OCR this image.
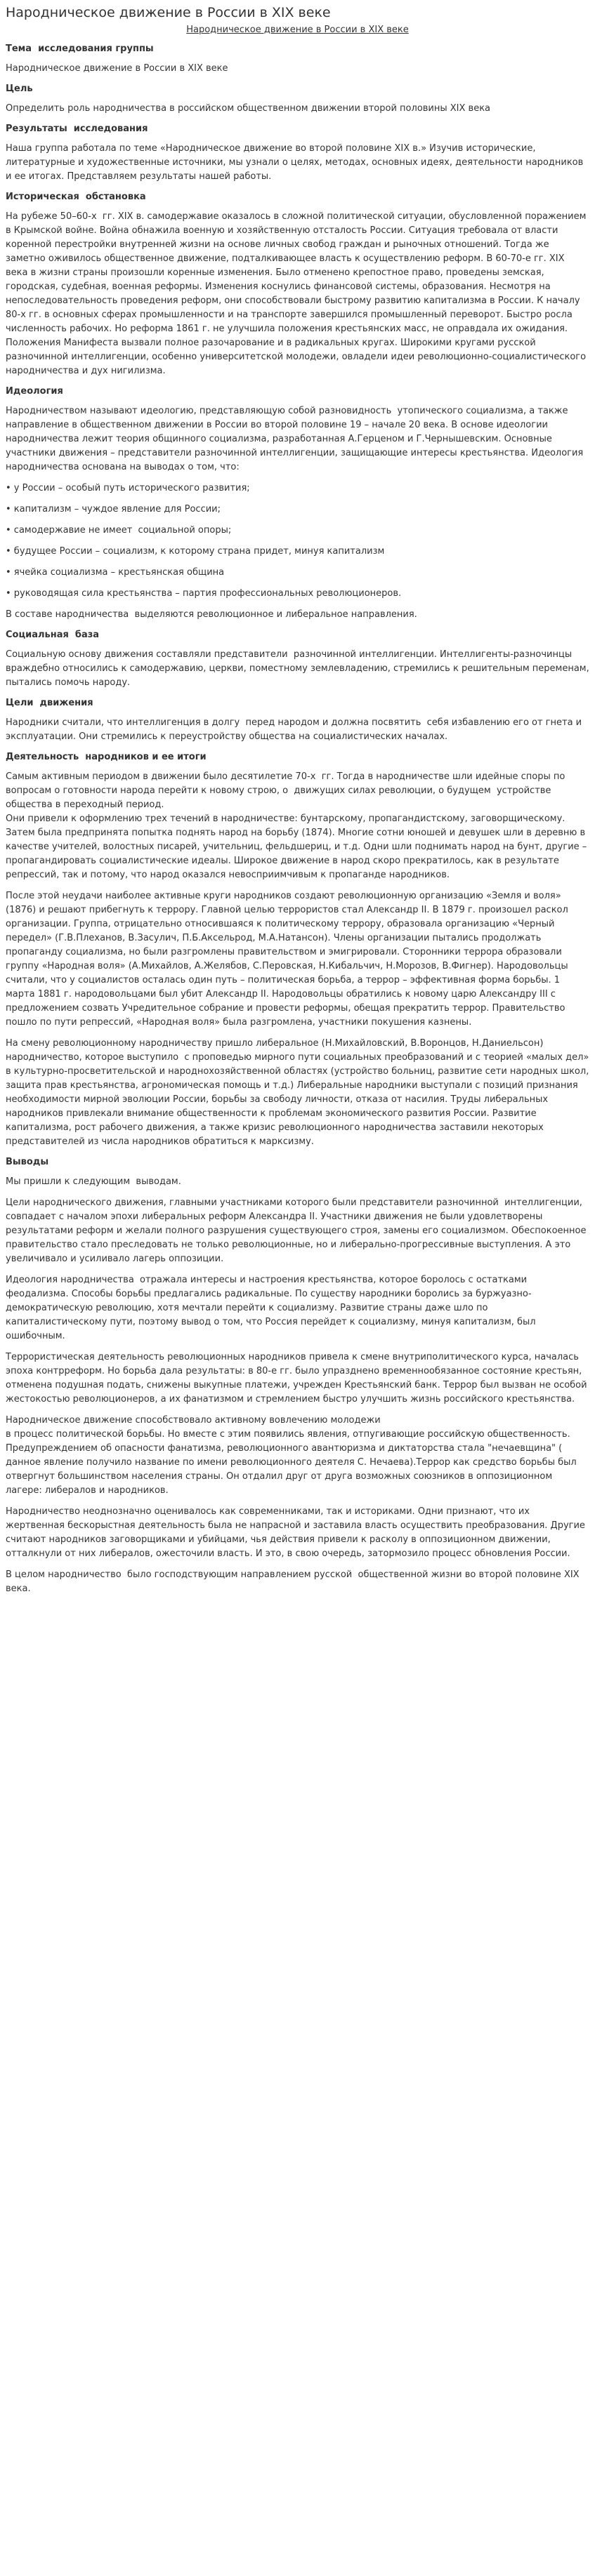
Народническое движение в России в XIX веке
Народническое движение в России в XIX веке
Тема  исследования группы

Народническое движение в России в XIX веке

Цель

Определить роль народничества в российском общественном движении второй половины XIX века

Результаты  исследования

Наша группа работала по теме «Народническое движение во второй половине XIX в.» Изучив исторические, литературные и художественные источники, мы узнали о целях, методах, основных идеях, деятельности народников и ее итогах. Представляем результаты нашей работы.

Историческая  обстановка

На рубеже 50–60-х  гг. XIX в. самодержавие оказалось в сложной политической ситуации, обусловленной поражением в Крымской войне. Война обнажила военную и хозяйственную отсталость России. Ситуация требовала от власти коренной перестройки внутренней жизни на основе личных свобод граждан и рыночных отношений. Тогда же заметно оживилось общественное движение, подталкивающее власть к осуществлению реформ. В 60-70-е гг. XIX века в жизни страны произошли коренные изменения. Было отменено крепостное право, проведены земская, городская, судебная, военная реформы. Изменения коснулись финансовой системы, образования. Несмотря на непоследовательность проведения реформ, они способствовали быстрому развитию капитализма в России. К началу 80-х гг. в основных сферах промышленности и на транспорте завершился промышленный переворот. Быстро росла численность рабочих. Но реформа 1861 г. не улучшила положения крестьянских масс, не оправдала их ожидания. Положения Манифеста вызвали полное разочарование и в радикальных кругах. Широкими кругами русской разночинной интеллигенции, особенно университетской молодежи, овладели идеи революционно-социалистического народничества и дух нигилизма.

Идеология

Народничеством называют идеологию, представляющую собой разновидность  утопического социализма, а также направление в общественном движении в России во второй половине 19 – начале 20 века. В основе идеологии народничества лежит теория общинного социализма, разработанная А.Герценом и Г.Чернышевским. Основные участники движения – представители разночинной интеллигенции, защищающие интересы крестьянства. Идеология народничества основана на выводах о том, что:

• у России – особый путь исторического развития;

• капитализм – чуждое явление для России;

• самодержавие не имеет  социальной опоры;

• будущее России – социализм, к которому страна придет, минуя капитализм

• ячейка социализма – крестьянская община

• руководящая сила крестьянства – партия профессиональных революционеров.

В составе народничества  выделяются революционное и либеральное направления.

Социальная  база

Социальную основу движения составляли представители  разночинной интеллигенции. Интеллигенты-разночинцы враждебно относились к самодержавию, церкви, поместному землевладению, стремились к решительным переменам, пытались помочь народу.

Цели  движения

Народники считали, что интеллигенция в долгу  перед народом и должна посвятить  себя избавлению его от гнета и  эксплуатации. Они стремились к переустройству общества на социалистических началах.

Деятельность  народников и ее итоги

Самым активным периодом в движении было десятилетие 70-х  гг. Тогда в народничестве шли идейные споры по вопросам о готовности народа перейти к новому строю, о  движущих силах революции, о будущем  устройстве общества в переходный период.
Они привели к оформлению трех течений в народничестве: бунтарскому, пропагандистскому, заговорщическому. Затем была предпринята попытка поднять народ на борьбу (1874). Многие сотни юношей и девушек шли в деревню в качестве учителей, волостных писарей, учительниц, фельдшериц, и т.д. Одни шли поднимать народ на бунт, другие – пропагандировать социалистические идеалы. Широкое движение в народ скоро прекратилось, как в результате репрессий, так и потому, что народ оказался невосприимчивым к пропаганде народников.

После этой неудачи наиболее активные круги народников создают революционную организацию «Земля и воля» (1876) и решают прибегнуть к террору. Главной целью террористов стал Александр II. В 1879 г. произошел раскол организации. Группа, отрицательно относившаяся к политическому террору, образовала организацию «Черный передел» (Г.В.Плеханов, В.Засулич, П.Б.Аксельрод, М.А.Натансон). Члены организации пытались продолжать пропаганду социализма, но были разгромлены правительством и эмигрировали. Сторонники террора образовали группу «Народная воля» (А.Михайлов, А.Желябов, С.Перовская, Н.Кибальчич, Н.Морозов, В.Фигнер). Народовольцы считали, что у социалистов осталась один путь – политическая борьба, а террор – эффективная форма борьбы. 1 марта 1881 г. народовольцами был убит Александр II. Народовольцы обратились к новому царю Александру III с предложением созвать Учредительное собрание и провести реформы, обещая прекратить террор. Правительство пошло по пути репрессий, «Народная воля» была разгромлена, участники покушения казнены.

На смену революционному народничеству пришло либеральное (Н.Михайловский, В.Воронцов, Н.Даниельсон) народничество, которое выступило  с проповедью мирного пути социальных преобразований и с теорией «малых дел» в культурно-просветительской и народнохозяйственной областях (устройство больниц, развитие сети народных школ, защита прав крестьянства, агрономическая помощь и т.д.) Либеральные народники выступали с позиций признания необходимости мирной эволюции России, борьбы за свободу личности, отказа от насилия. Труды либеральных народников привлекали внимание общественности к проблемам экономического развития России. Развитие капитализма, рост рабочего движения, а также кризис революционного народничества заставили некоторых представителей из числа народников обратиться к марксизму.

Выводы

Мы пришли к следующим  выводам.

Цели народнического движения, главными участниками которого были представители разночинной  интеллигенции, совпадает с началом эпохи либеральных реформ Александра II. Участники движения не были удовлетворены результатами реформ и желали полного разрушения существующего строя, замены его социализмом. Обеспокоенное правительство стало преследовать не только революционные, но и либерально-прогрессивные выступления. А это увеличивало и усиливало лагерь оппозиции.

Идеология народничества  отражала интересы и настроения крестьянства, которое боролось с остатками  феодализма. Способы борьбы предлагались радикальные. По существу народники боролись за буржуазно-демократическую революцию, хотя мечтали перейти к социализму. Развитие страны даже шло по капиталистическому пути, поэтому вывод о том, что Россия перейдет к социализму, минуя капитализм, был ошибочным.

Террористическая деятельность революционных народников привела к смене внутриполитического курса, началась эпоха контрреформ. Но борьба дала результаты: в 80-е гг. было упразднено временнообязанное состояние крестьян, отменена подушная подать, снижены выкупные платежи, учрежден Крестьянский банк. Террор был вызван не особой жестокостью революционеров, а их фанатизмом и стремлением быстро улучшить жизнь российского крестьянства.

Народническое движение способствовало активному вовлечению молодежи
в процесс политической борьбы. Но вместе с этим появились явления, отпугивающие российскую общественность. Предупреждением об опасности фанатизма, революционного авантюризма и диктаторства стала "нечаевщина" ( данное явление получило название по имени революционного деятеля С. Нечаева).Террор как средство борьбы был отвергнут большинством населения страны. Он отдалил друг от друга возможных союзников в оппозиционном лагере: либералов и народников.

Народничество неоднозначно оценивалось как современниками, так и историками. Одни признают, что их жертвенная бескорыстная деятельность была не напрасной и заставила власть осуществить преобразования. Другие считают народников заговорщиками и убийцами, чья действия привели к расколу в оппозиционном движении, отталкнули от них либералов, ожесточили власть. И это, в свою очередь, затормозило процесс обновления России.

В целом народничество  было господствующим направлением русской  общественной жизни во второй половине XIX века.
